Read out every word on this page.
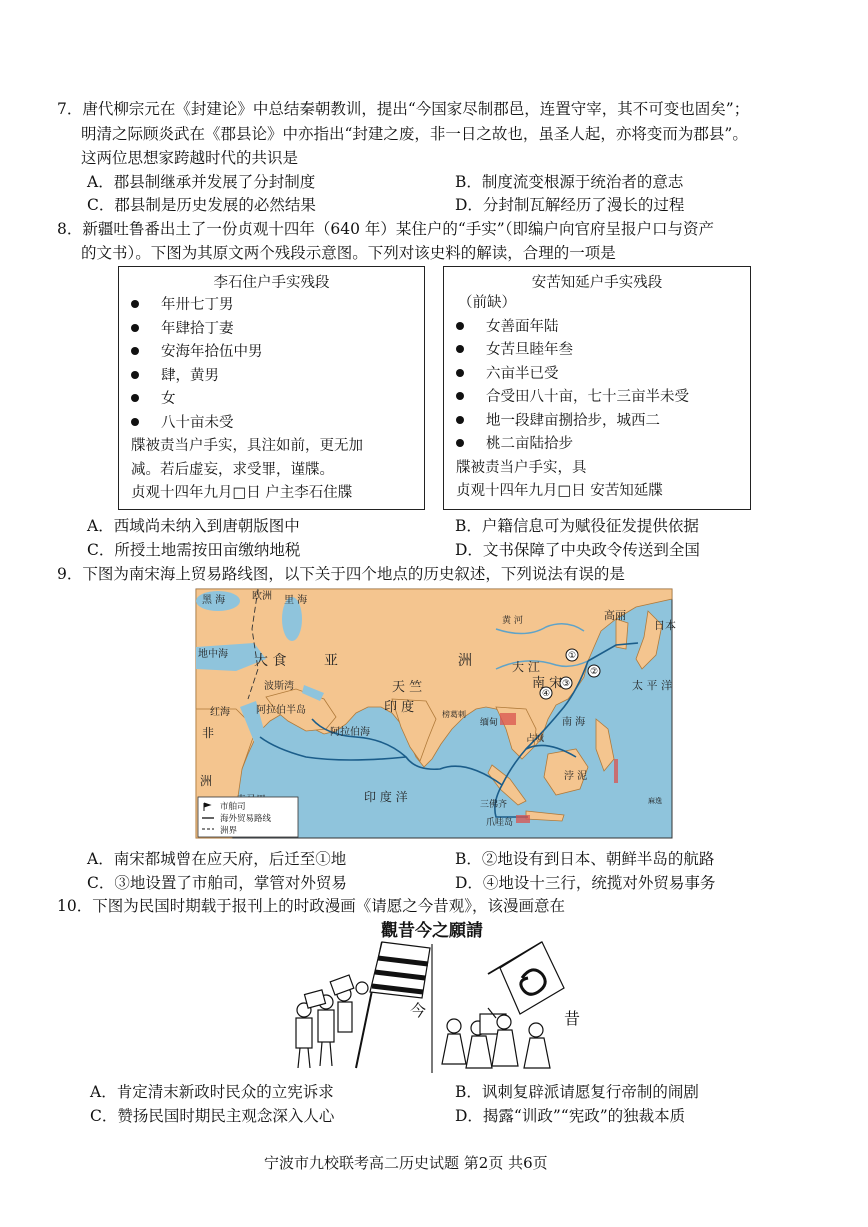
7．唐代柳宗元在《封建论》中总结秦朝教训，提出“今国家尽制郡邑，连置守宰，其不可变也固矣”；
明清之际顾炎武在《郡县论》中亦指出“封建之废，非一日之故也，虽圣人起，亦将变而为郡县”。
这两位思想家跨越时代的共识是
A．郡县制继承并发展了分封制度	B．制度流变根源于统治者的意志
C．郡县制是历史发展的必然结果	D．分封制瓦解经历了漫长的过程
8．新疆吐鲁番出土了一份贞观十四年（640 年）某住户的“手实”（即编户向官府呈报户口与资产
的文书）。下图为其原文两个残段示意图。下列对该史料的解读，合理的一项是
李石住户手实残段
年卅七丁男
年肆拾丁妻
安海年拾伍中男
肆，黄男
女
八十亩未受
牒被责当户手实，具注如前，更无加
减。若后虚妄，求受罪，谨牒。
贞观十四年九月□日 户主李石住牒
安苦知延户手实残段
（前缺）
女善面年陆
女苦旦睦年叁
六亩半已受
合受田八十亩，七十三亩半未受
地一段肆亩捌拾步，城西二
桃二亩陆拾步
牒被责当户手实，具
贞观十四年九月□日 安苦知延牒
A．西域尚未纳入到唐朝版图中	B．户籍信息可为赋役征发提供依据
C．所授土地需按田亩缴纳地税	D．文书保障了中央政令传送到全国
9．下图为南宋海上贸易路线图，以下关于四个地点的历史叙述，下列说法有误的是
①
②
③
④
黑 海	欧洲 里 海
地中海 大 食	亚	洲
波斯湾
阿拉伯半岛
红海
非
洲
阿拉伯海
天 竺
印 度	榜葛剌
缅甸
印 度 洋
黄 河
大 江
南 宋
高丽
日本
太 平 洋
南 海
占城
浡 泥
三佛齐
爪哇岛
麻逸
市舶司
海外贸易路线
洲界
A．南宋都城曾在应天府，后迁至①地	B．②地设有到日本、朝鲜半岛的航路
C．③地设置了市舶司，掌管对外贸易	D．④地设十三行，统揽对外贸易事务
10．下图为民国时期载于报刊上的时政漫画《请愿之今昔观》，该漫画意在
觀昔今之願請
今	昔
A．肯定清末新政时民众的立宪诉求	B．讽刺复辟派请愿复行帝制的闹剧
C．赞扬民国时期民主观念深入人心	D．揭露“训政”“宪政”的独裁本质
宁波市九校联考高二历史试题 第2页 共6页
